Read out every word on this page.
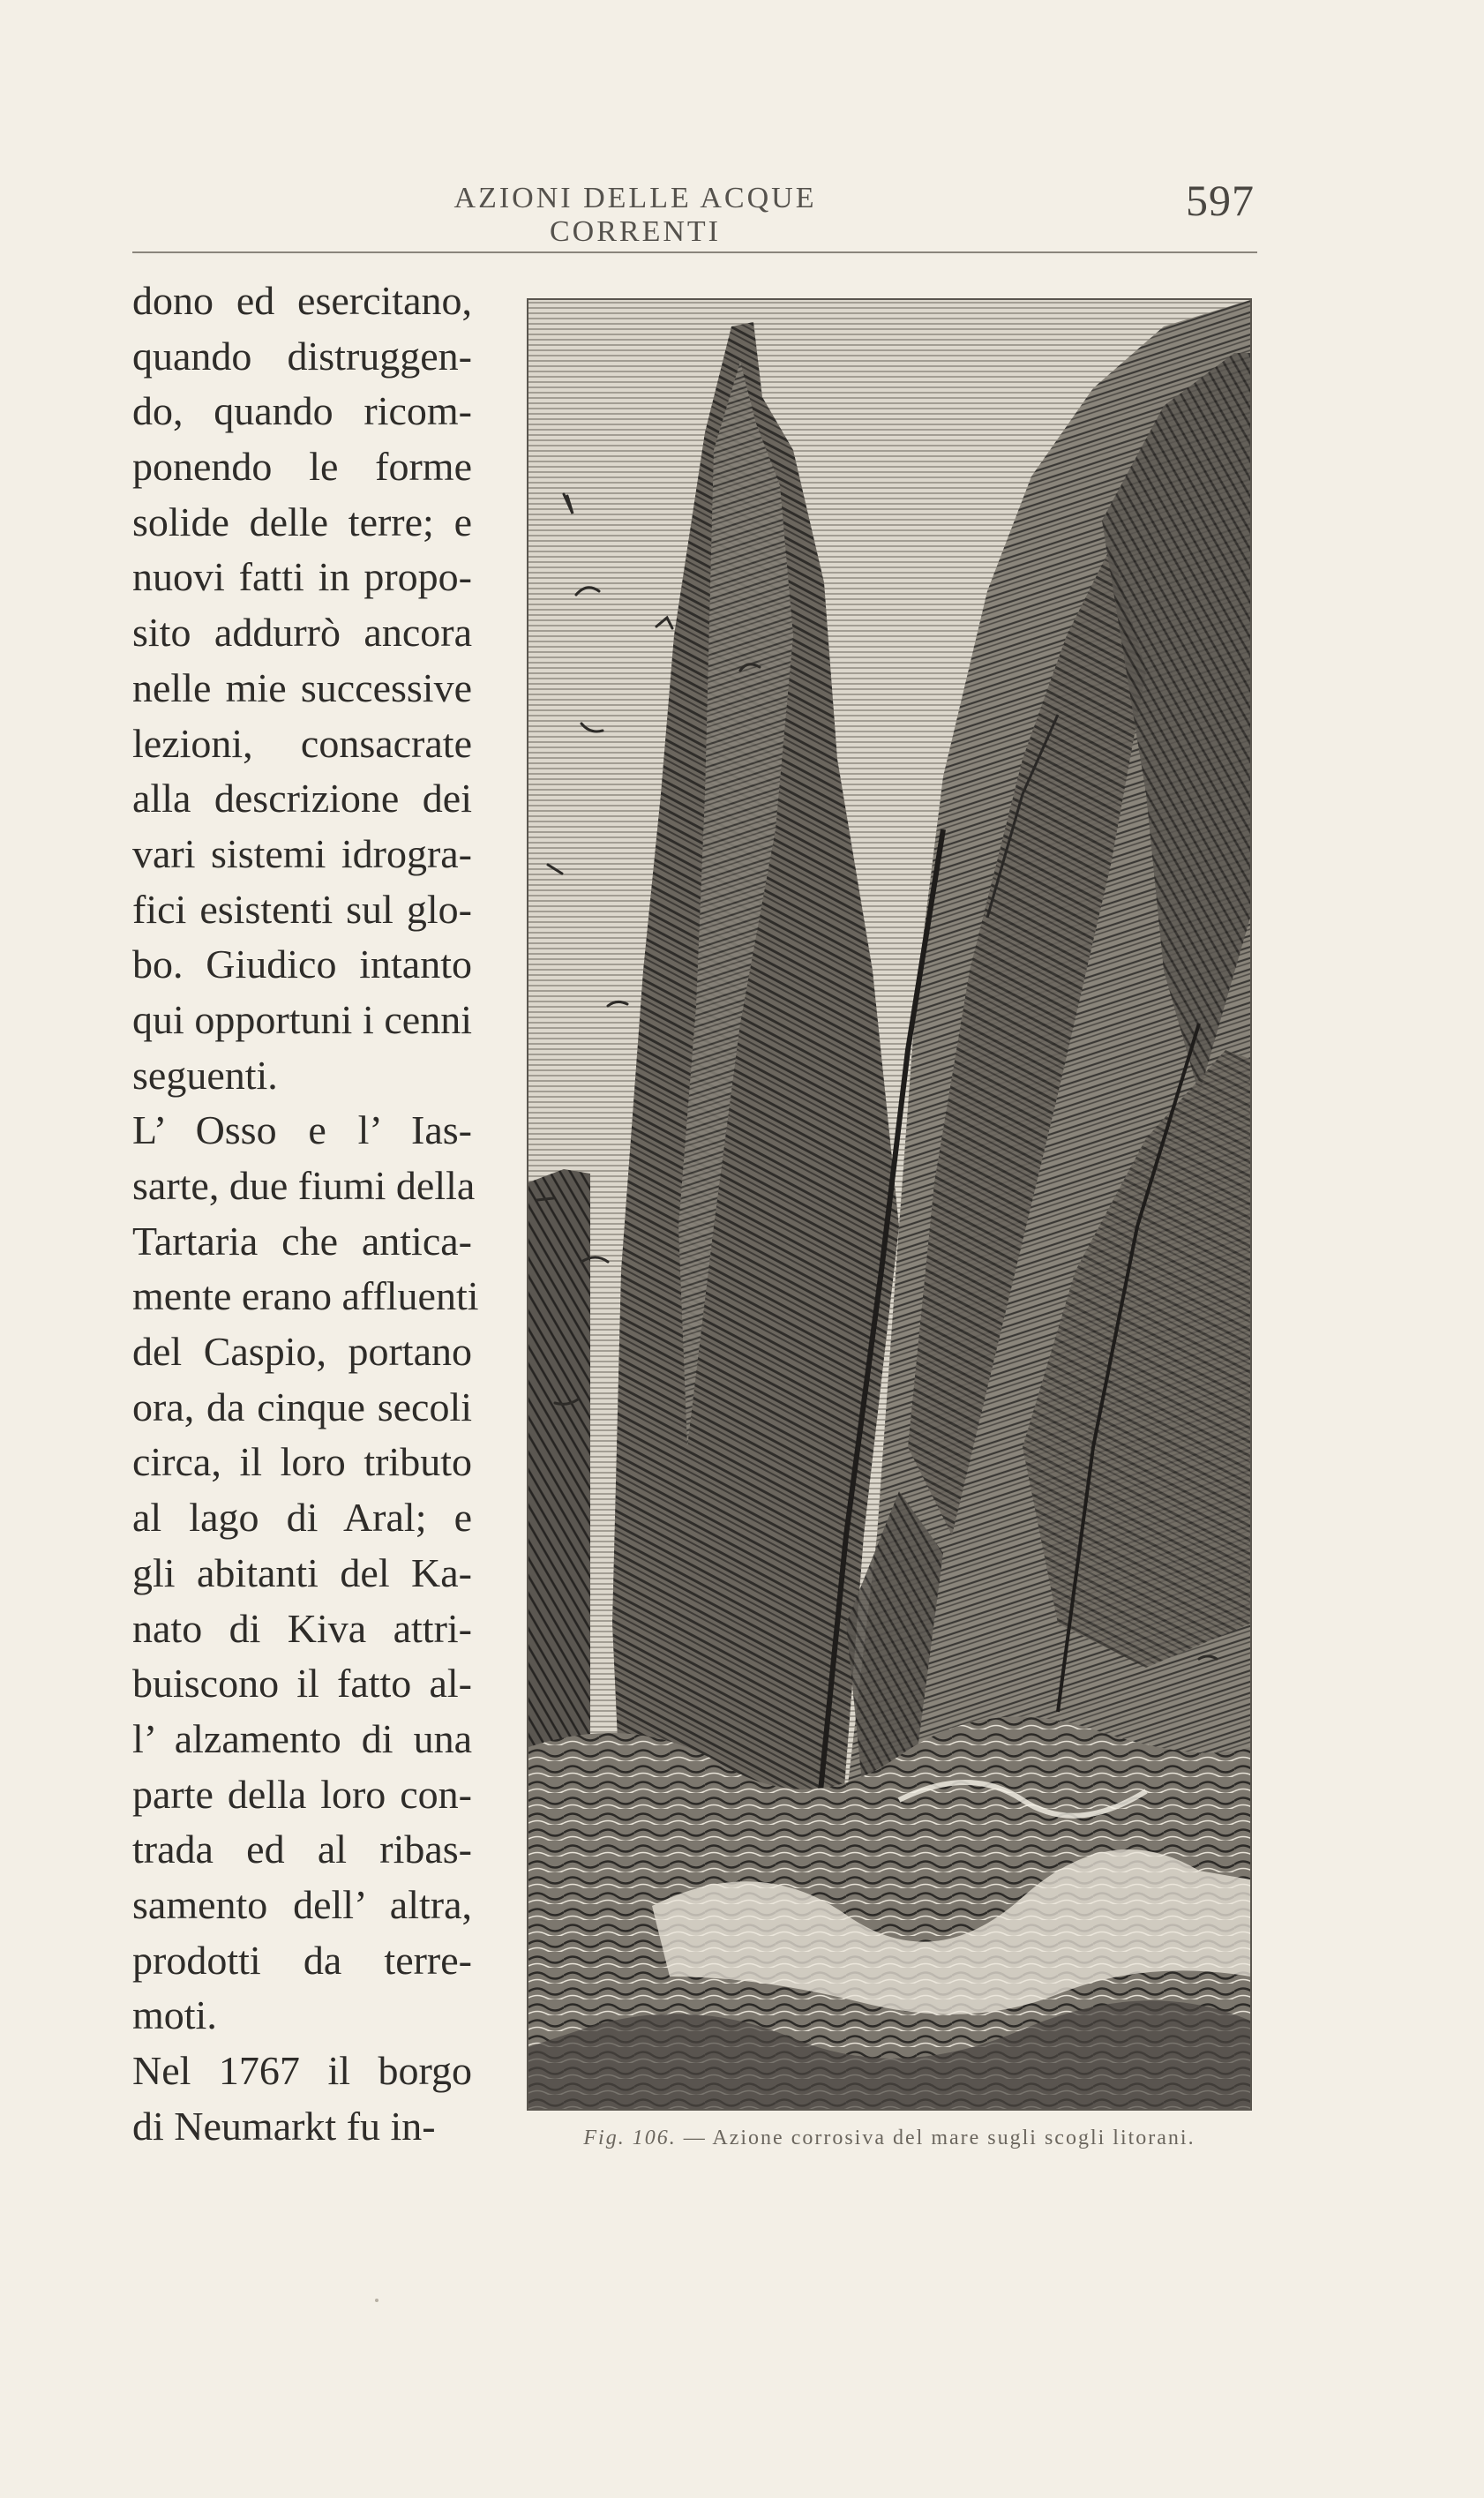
AZIONI DELLE ACQUE CORRENTI
597
dono ed esercitano,
quando distruggen-
do, quando ricom-
ponendo le forme
solide delle terre; e
nuovi fatti in propo-
sito addurrò ancora
nelle mie successive
lezioni, consacrate
alla descrizione dei
vari sistemi idrogra-
fici esistenti sul glo-
bo. Giudico intanto
qui opportuni i cenni
seguenti.
L’ Osso e l’ Ias-
sarte, due fiumi della
Tartaria che antica-
mente erano affluenti
del Caspio, portano
ora, da cinque secoli
circa, il loro tributo
al lago di Aral; e
gli abitanti del Ka-
nato di Kiva attri-
buiscono il fatto al-
l’ alzamento di una
parte della loro con-
trada ed al ribas-
samento dell’ altra,
prodotti da terre-
moti.
Nel 1767 il borgo
di Neumarkt fu in-	Fig. 106. — Azione corrosiva del mare sugli scogli litorani.
